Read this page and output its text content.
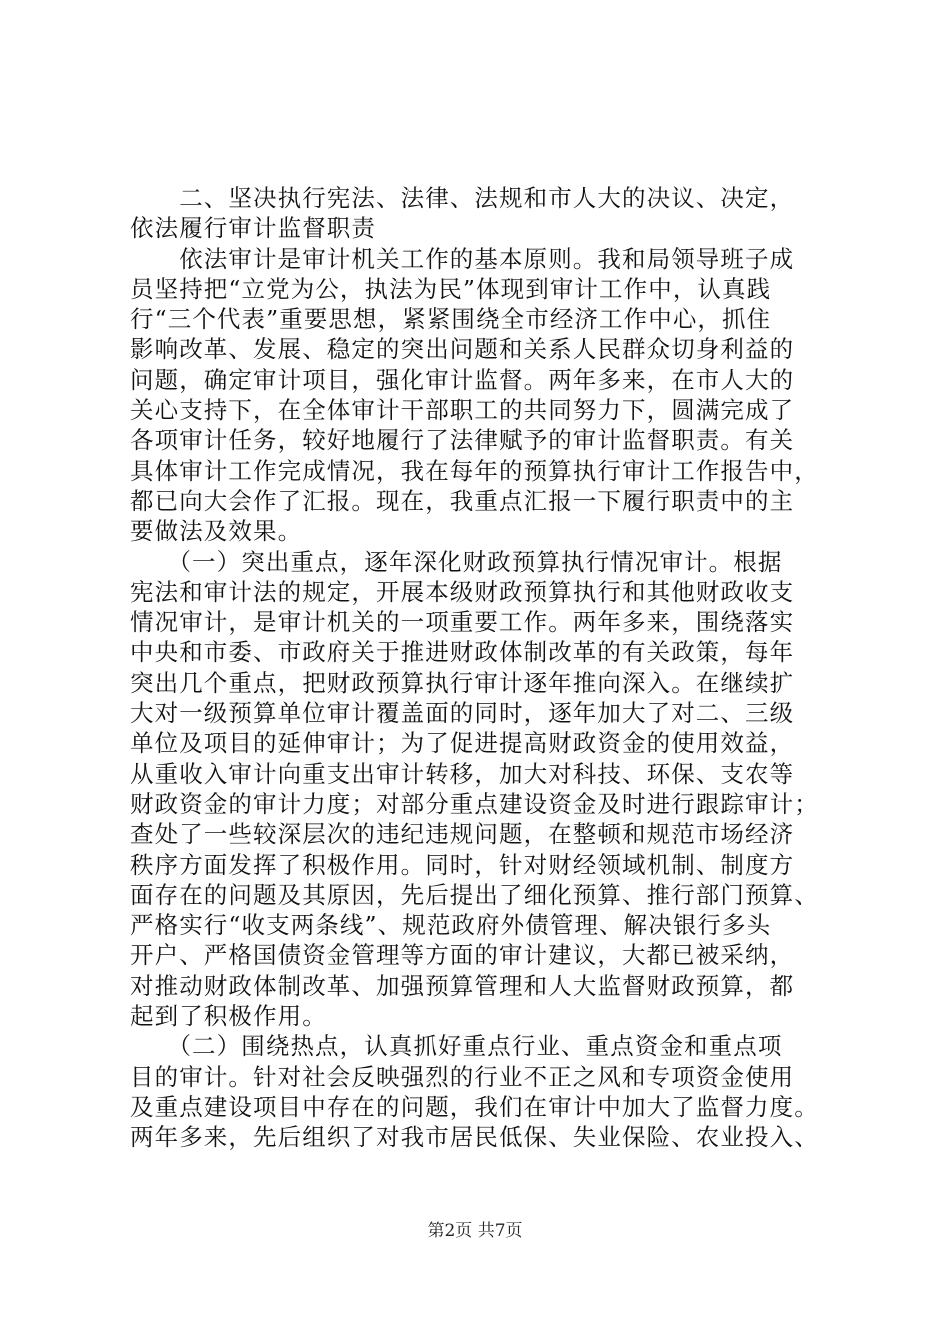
　　二、坚决执行宪法、法律、法规和市人大的决议、决定，
依法履行审计监督职责
　　依法审计是审计机关工作的基本原则。我和局领导班子成
员坚持把“立党为公，执法为民”体现到审计工作中，认真践
行“三个代表”重要思想，紧紧围绕全市经济工作中心，抓住
影响改革、发展、稳定的突出问题和关系人民群众切身利益的
问题，确定审计项目，强化审计监督。两年多来，在市人大的
关心支持下，在全体审计干部职工的共同努力下，圆满完成了
各项审计任务，较好地履行了法律赋予的审计监督职责。有关
具体审计工作完成情况，我在每年的预算执行审计工作报告中，
都已向大会作了汇报。现在，我重点汇报一下履行职责中的主
要做法及效果。
　　（一）突出重点，逐年深化财政预算执行情况审计。根据
宪法和审计法的规定，开展本级财政预算执行和其他财政收支
情况审计，是审计机关的一项重要工作。两年多来，围绕落实
中央和市委、市政府关于推进财政体制改革的有关政策，每年
突出几个重点，把财政预算执行审计逐年推向深入。在继续扩
大对一级预算单位审计覆盖面的同时，逐年加大了对二、三级
单位及项目的延伸审计；为了促进提高财政资金的使用效益，
从重收入审计向重支出审计转移，加大对科技、环保、支农等
财政资金的审计力度；对部分重点建设资金及时进行跟踪审计；
查处了一些较深层次的违纪违规问题，在整顿和规范市场经济
秩序方面发挥了积极作用。同时，针对财经领域机制、制度方
面存在的问题及其原因，先后提出了细化预算、推行部门预算、
严格实行“收支两条线”、规范政府外债管理、解决银行多头
开户、严格国债资金管理等方面的审计建议，大都已被采纳，
对推动财政体制改革、加强预算管理和人大监督财政预算，都
起到了积极作用。
　　（二）围绕热点，认真抓好重点行业、重点资金和重点项
目的审计。针对社会反映强烈的行业不正之风和专项资金使用
及重点建设项目中存在的问题，我们在审计中加大了监督力度。
两年多来，先后组织了对我市居民低保、失业保险、农业投入、
第2页 共7页
